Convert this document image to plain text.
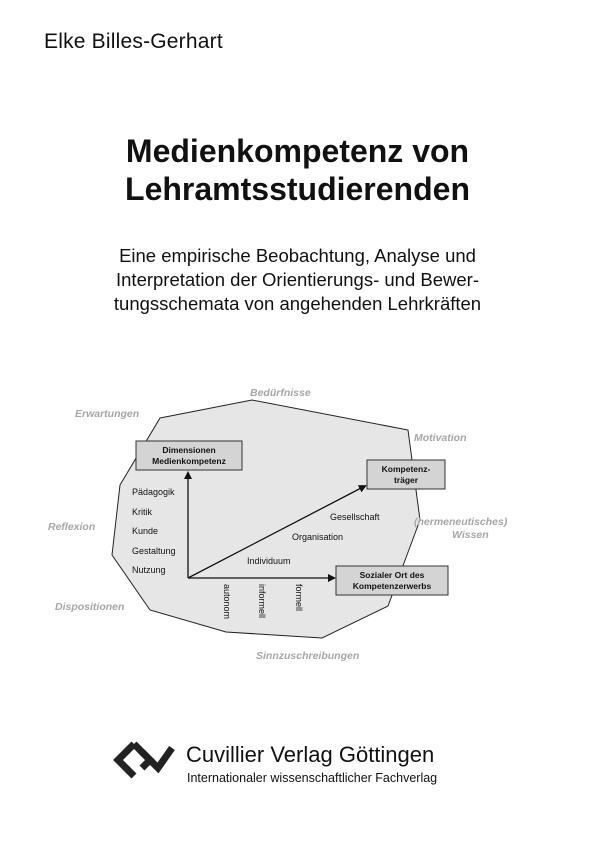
Elke Billes-Gerhart
Medienkompetenz von
Lehramtsstudierenden
Eine empirische Beobachtung, Analyse und
Interpretation der Orientierungs- und Bewer-
tungsschemata von angehenden Lehrkräften
Erwartungen
Bedürfnisse
Motivation
Reflexion	(hermeneutisches)
Wissen
Dispositionen
Sinnzuschreibungen
Dimensionen
Medienkompetenz
Kompetenz-
träger
Sozialer Ort des
Kompetenzerwerbs
Pädagogik
Kritik
Kunde
Gestaltung
Nutzung
Gesellschaft
Organisation
Individuum
autonom	informell	formell
Cuvillier Verlag Göttingen
Internationaler wissenschaftlicher Fachverlag
